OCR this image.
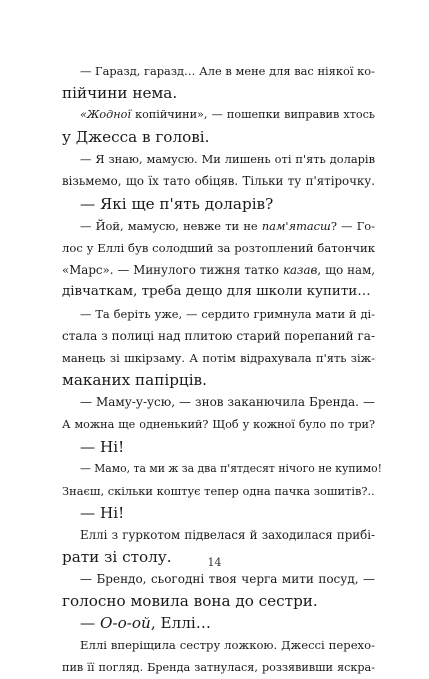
— Гаразд, гаразд… Але в мене для вас ніякої ко-
пійчини нема.
«Жодної копійчини», — пошепки виправив хтось
у Джесса в голові.
— Я знаю, мамусю. Ми лишень оті п'ять доларів
візьмемо, що їх тато обіцяв. Тільки ту п'ятірочку.
— Які ще п'ять доларів?
— Йой, мамусю, невже ти не пам'ятасш? — Го-
лос у Еллі був солодший за розтоплений батончик
«Марс». — Минулого тижня татко казав, що нам,
дівчаткам, треба дещо для школи купити…
— Та беріть уже, — сердито гримнула мати й ді-
стала з полиці над плитою старий порепаний га-
манець зі шкірзаму. А потім відрахувала п'ять зіж-
маканих папірців.
— Маму-у-усю, — знов заканючила Бренда. —
А можна ще одненький? Щоб у кожної було по три?
— Ні!
— Мамо, та ми ж за два п'ятдесят нічого не купимо!
Знаєш, скільки коштує тепер одна пачка зошитів?..
— Ні!
Еллі з гуркотом підвелася й заходилася прибі-
рати зі столу.
— Брендо, сьогодні твоя черга мити посуд, —
голосно мовила вона до сестри.
— О-о-ой, Еллі…
Еллі вперіщила сестру ложкою. Джессі перехо-
пив її погляд. Бренда затнулася, роззявивши яскра-
14
